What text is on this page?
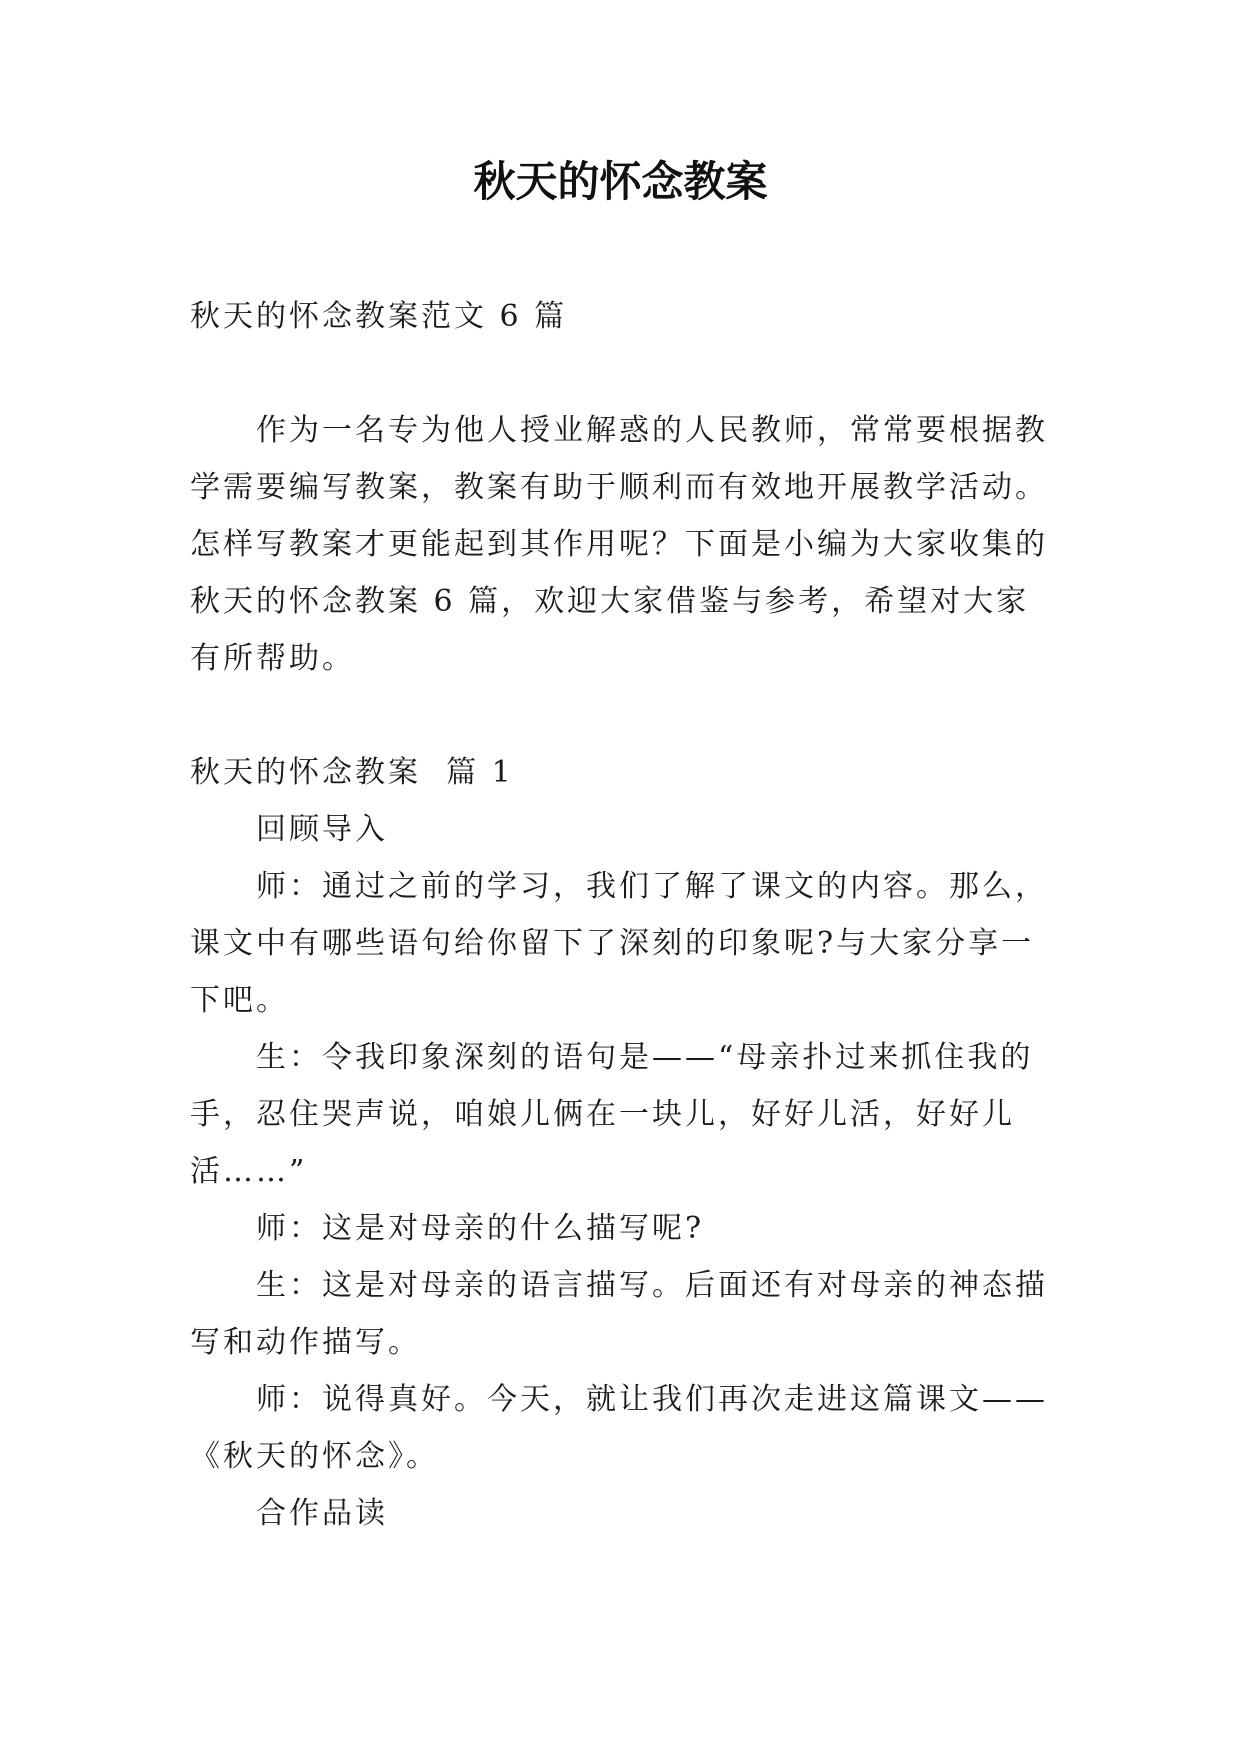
秋天的怀念教案

秋天的怀念教案范文 6 篇

作为一名专为他人授业解惑的人民教师，常常要根据教学需要编写教案，教案有助于顺利而有效地开展教学活动。怎样写教案才更能起到其作用呢？下面是小编为大家收集的秋天的怀念教案 6 篇，欢迎大家借鉴与参考，希望对大家有所帮助。

秋天的怀念教案  篇 1

回顾导入

师：通过之前的学习，我们了解了课文的内容。那么，课文中有哪些语句给你留下了深刻的印象呢?与大家分享一下吧。

生：令我印象深刻的语句是——“母亲扑过来抓住我的手，忍住哭声说，咱娘儿俩在一块儿，好好儿活，好好儿活……”

师：这是对母亲的什么描写呢?

生：这是对母亲的语言描写。后面还有对母亲的神态描写和动作描写。

师：说得真好。今天，就让我们再次走进这篇课文——《秋天的怀念》。

合作品读
